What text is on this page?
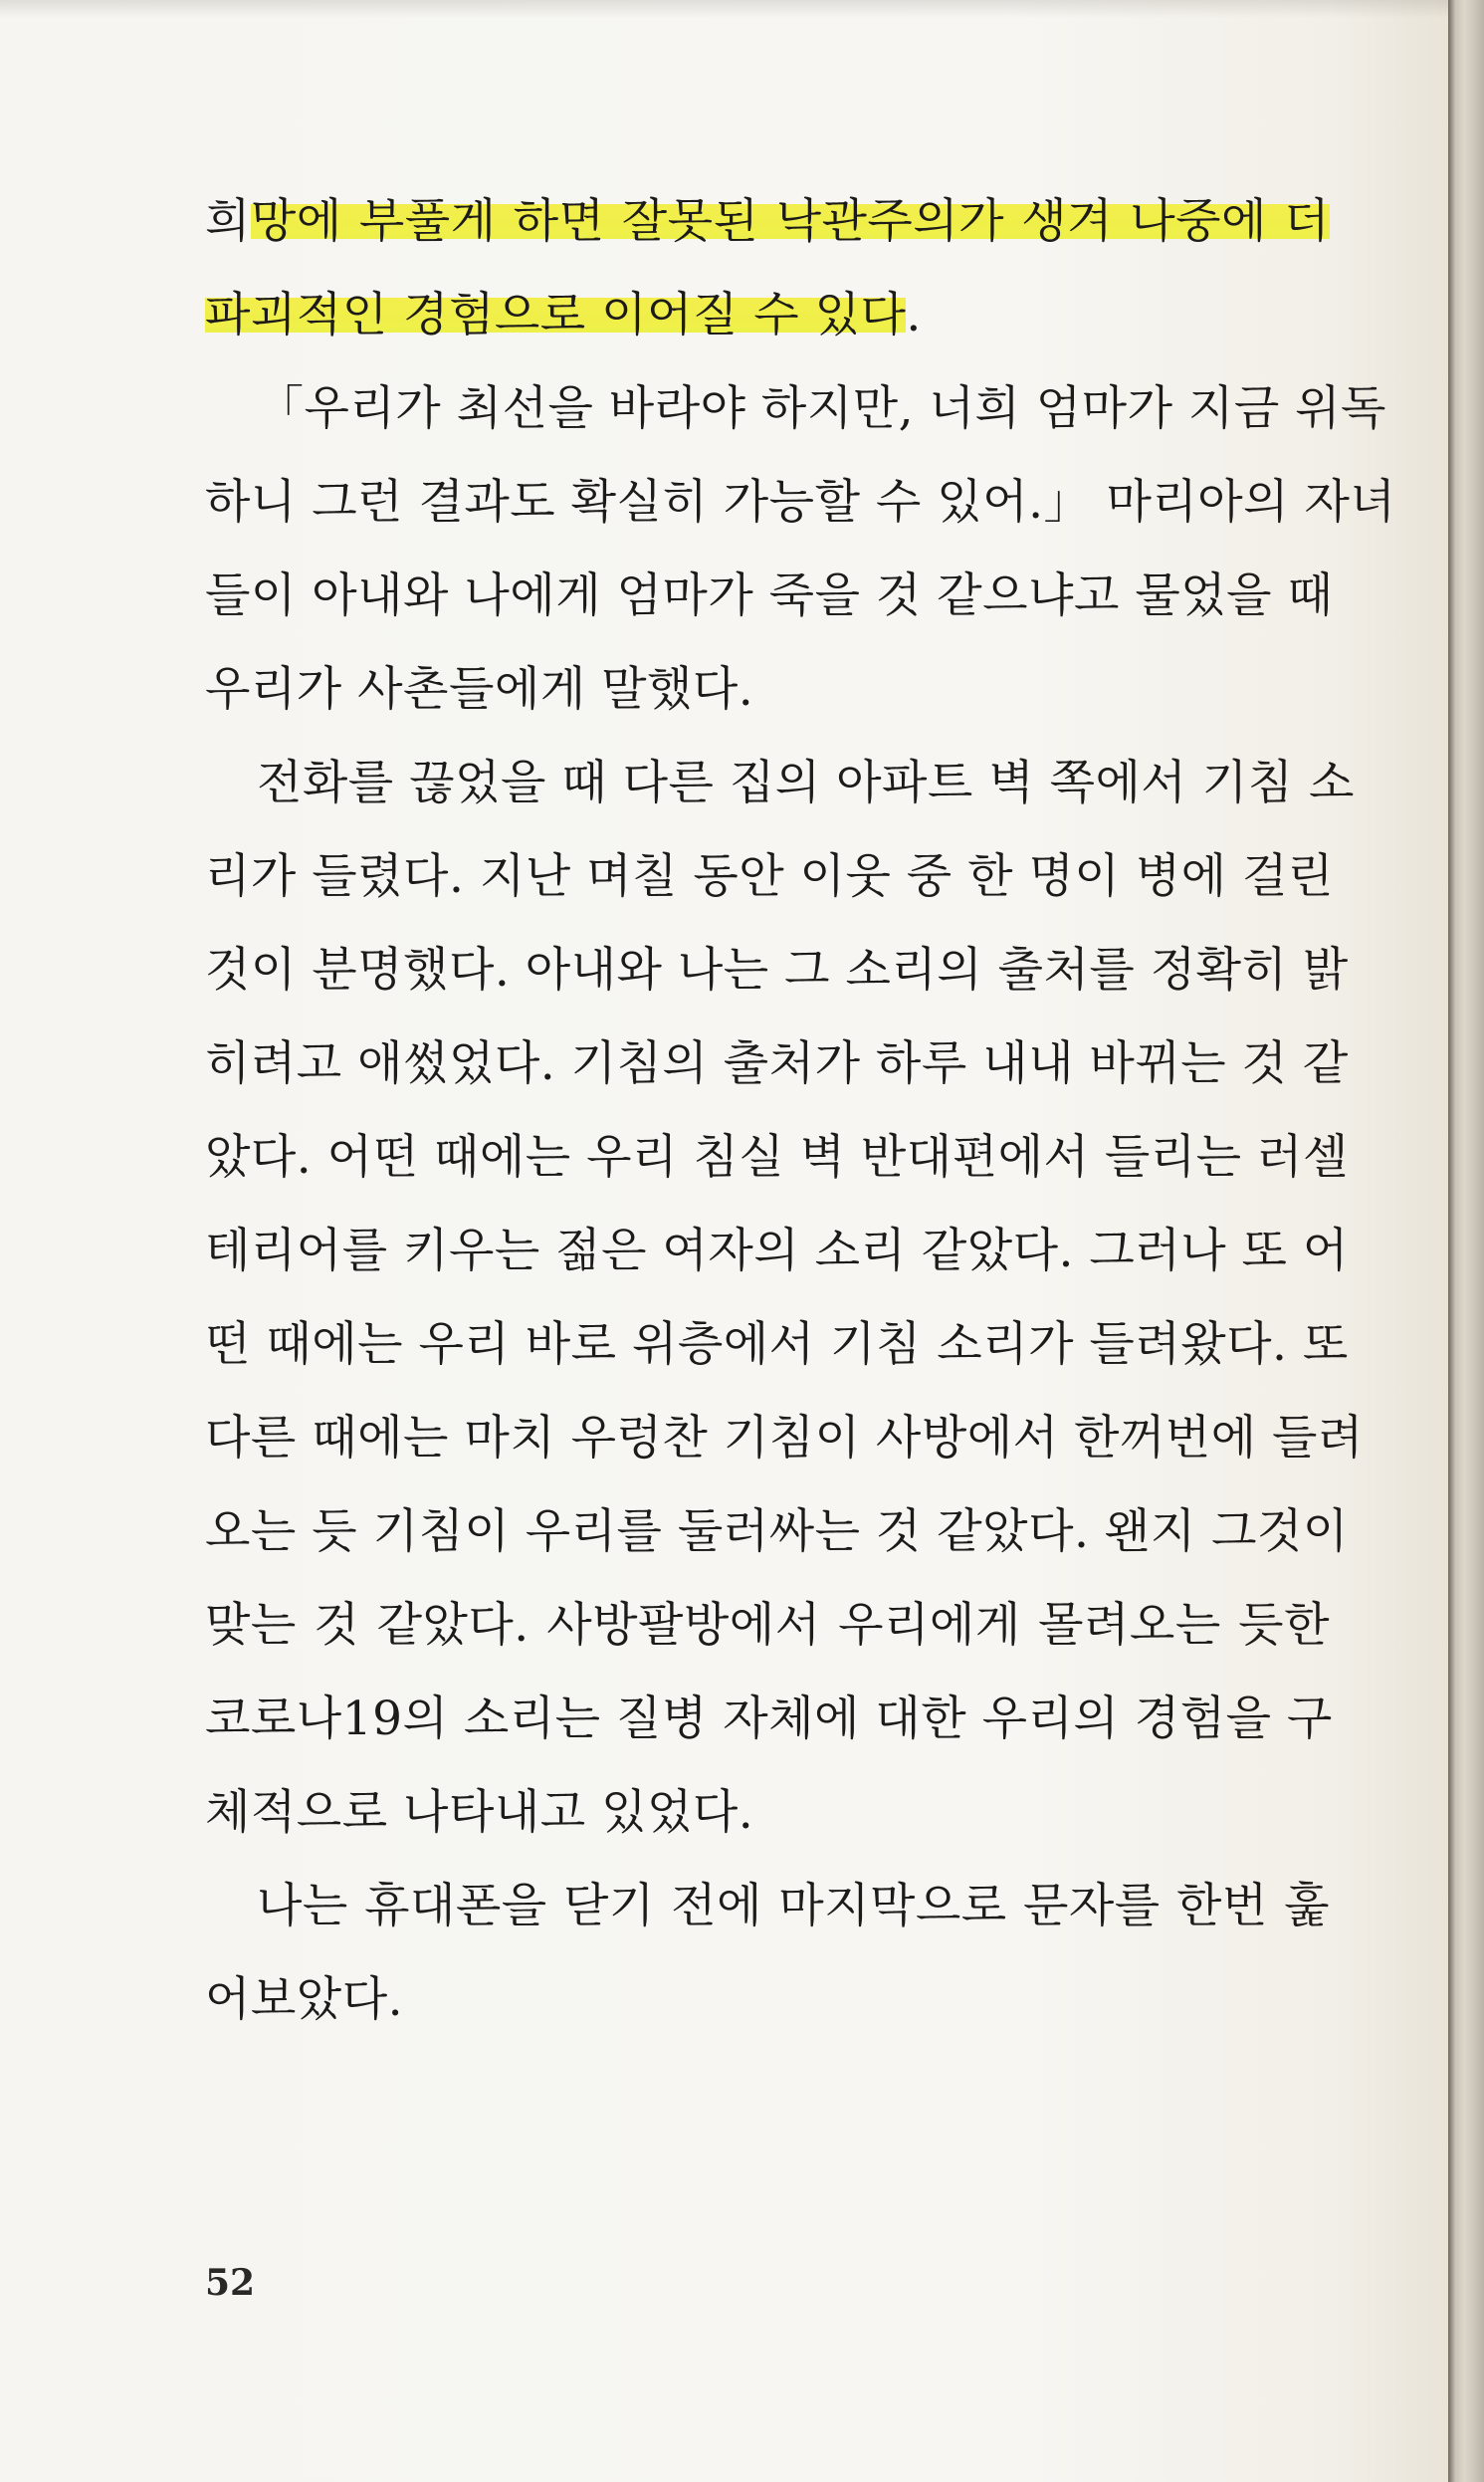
희망에 부풀게 하면 잘못된 낙관주의가 생겨 나중에 더
파괴적인 경험으로 이어질 수 있다.
「우리가 최선을 바라야 하지만, 너희 엄마가 지금 위독
하니 그런 결과도 확실히 가능할 수 있어.」 마리아의 자녀
들이 아내와 나에게 엄마가 죽을 것 같으냐고 물었을 때
우리가 사촌들에게 말했다.
전화를 끊었을 때 다른 집의 아파트 벽 쪽에서 기침 소
리가 들렸다. 지난 며칠 동안 이웃 중 한 명이 병에 걸린
것이 분명했다. 아내와 나는 그 소리의 출처를 정확히 밝
히려고 애썼었다. 기침의 출처가 하루 내내 바뀌는 것 같
았다. 어떤 때에는 우리 침실 벽 반대편에서 들리는 러셀
테리어를 키우는 젊은 여자의 소리 같았다. 그러나 또 어
떤 때에는 우리 바로 위층에서 기침 소리가 들려왔다. 또
다른 때에는 마치 우렁찬 기침이 사방에서 한꺼번에 들려
오는 듯 기침이 우리를 둘러싸는 것 같았다. 왠지 그것이
맞는 것 같았다. 사방팔방에서 우리에게 몰려오는 듯한
코로나19의 소리는 질병 자체에 대한 우리의 경험을 구
체적으로 나타내고 있었다.
나는 휴대폰을 닫기 전에 마지막으로 문자를 한번 훑
어보았다.
52
